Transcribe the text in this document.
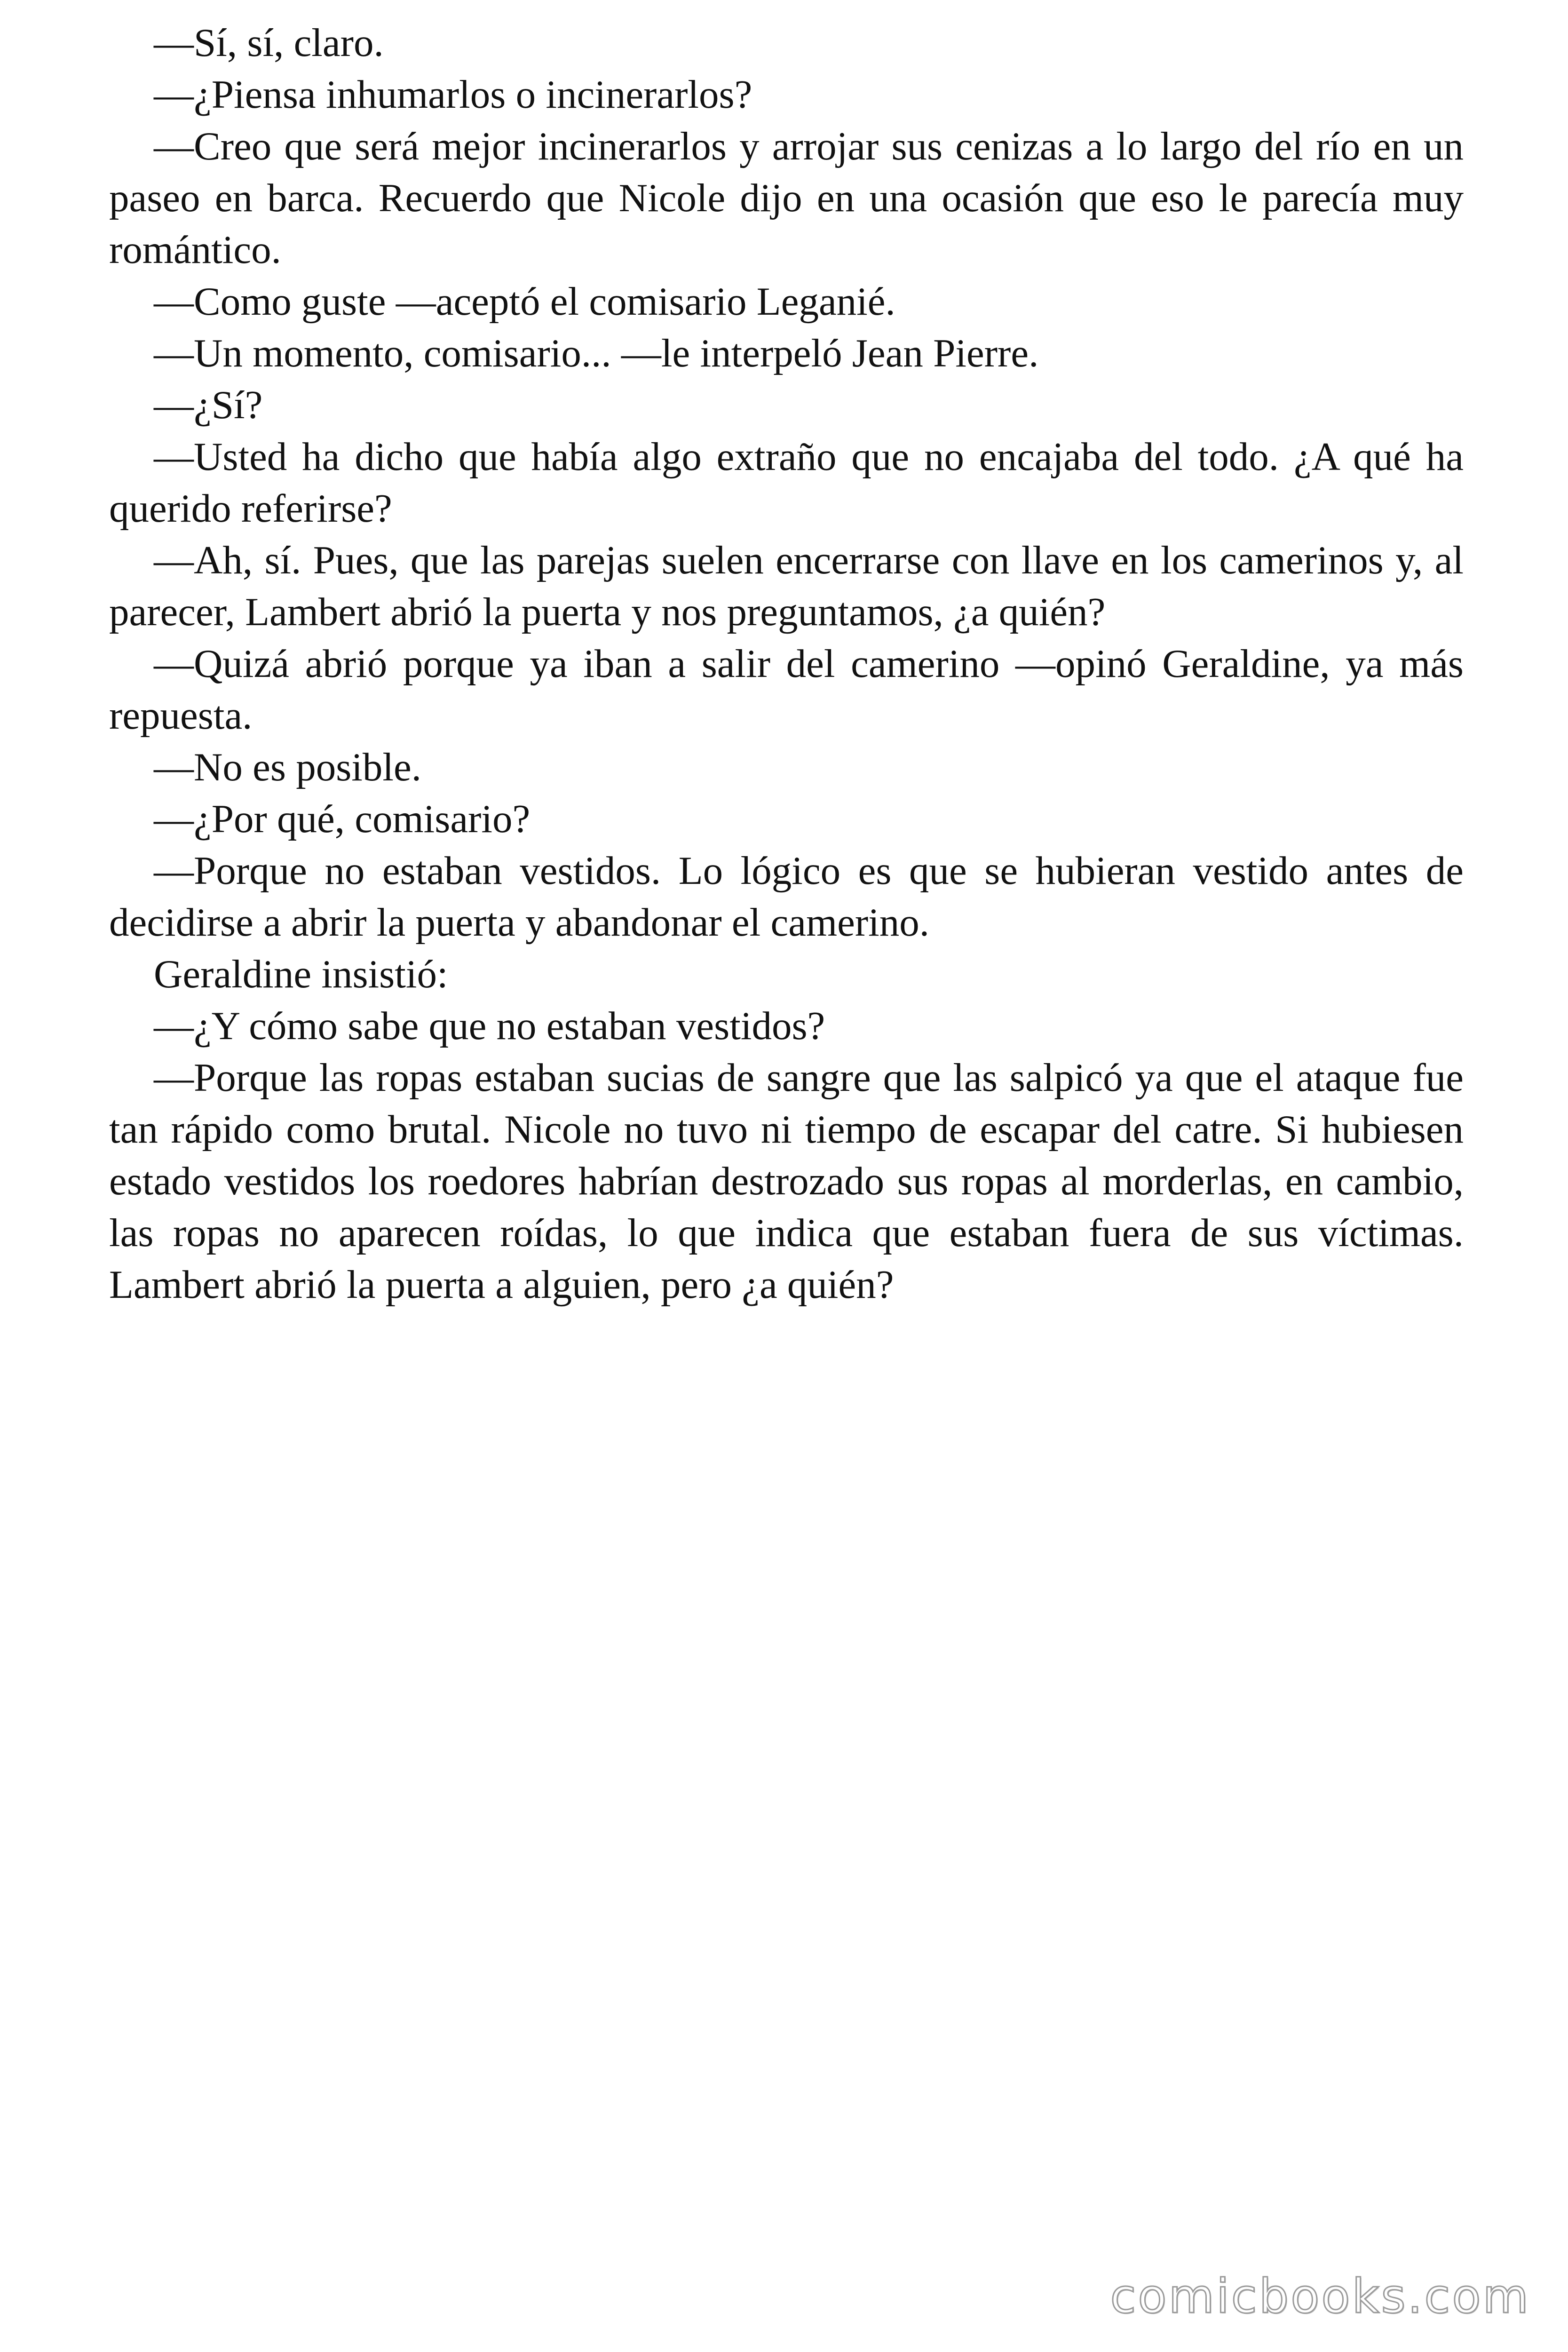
—Sí, sí, claro.

—¿Piensa inhumarlos o incinerarlos?

—Creo que será mejor incinerarlos y arrojar sus cenizas a lo largo del río en un paseo en barca. Recuerdo que Nicole dijo en una ocasión que eso le parecía muy romántico.

—Como guste —aceptó el comisario Leganié.

—Un momento, comisario... —le interpeló Jean Pierre.

—¿Sí?

—Usted ha dicho que había algo extraño que no encajaba del todo. ¿A qué ha querido referirse?

—Ah, sí. Pues, que las parejas suelen encerrarse con llave en los camerinos y, al parecer, Lambert abrió la puerta y nos preguntamos, ¿a quién?

—Quizá abrió porque ya iban a salir del camerino —opinó Geraldine, ya más repuesta.

—No es posible.

—¿Por qué, comisario?

—Porque no estaban vestidos. Lo lógico es que se hubieran vestido antes de decidirse a abrir la puerta y abandonar el camerino.

Geraldine insistió:

—¿Y cómo sabe que no estaban vestidos?

—Porque las ropas estaban sucias de sangre que las salpicó ya que el ataque fue tan rápido como brutal. Nicole no tuvo ni tiempo de escapar del catre. Si hubiesen estado vestidos los roedores habrían destrozado sus ropas al morderlas, en cambio, las ropas no aparecen roídas, lo que indica que estaban fuera de sus víctimas. Lambert abrió la puerta a alguien, pero ¿a quién?

comicbooks.com
